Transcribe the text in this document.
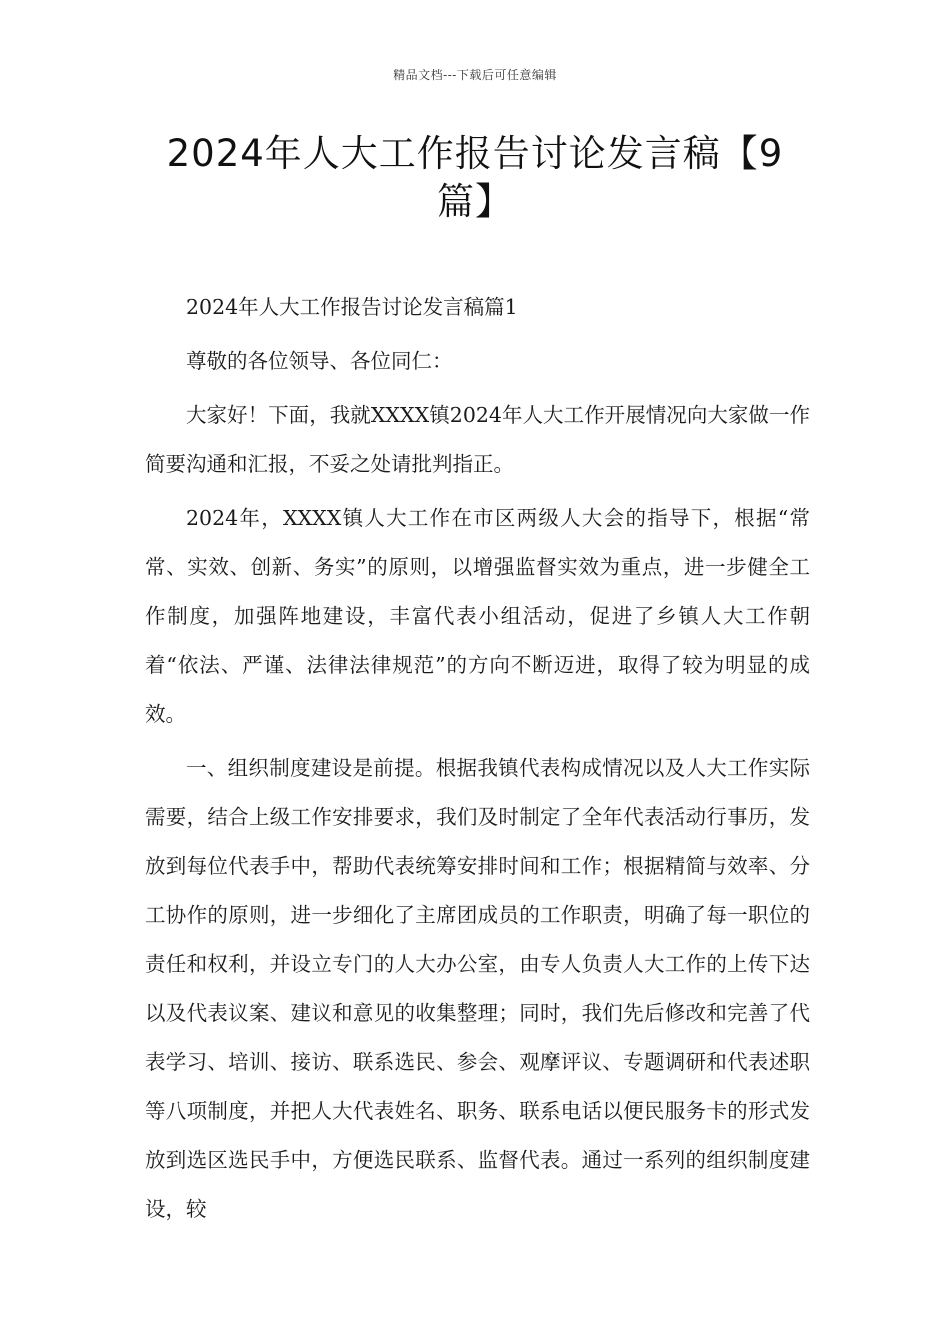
精品文档---下载后可任意编辑
2024年人大工作报告讨论发言稿【9篇】

2024年人大工作报告讨论发言稿篇1

尊敬的各位领导、各位同仁：

大家好！下面，我就XXXX镇2024年人大工作开展情况向大家做一作简要沟通和汇报，不妥之处请批判指正。

2024年，XXXX镇人大工作在市区两级人大会的指导下，根据“常常、实效、创新、务实”的原则，以增强监督实效为重点，进一步健全工作制度，加强阵地建设，丰富代表小组活动，促进了乡镇人大工作朝着“依法、严谨、法律法律规范”的方向不断迈进，取得了较为明显的成效。

一、组织制度建设是前提。根据我镇代表构成情况以及人大工作实际需要，结合上级工作安排要求，我们及时制定了全年代表活动行事历，发放到每位代表手中，帮助代表统筹安排时间和工作；根据精简与效率、分工协作的原则，进一步细化了主席团成员的工作职责，明确了每一职位的责任和权利，并设立专门的人大办公室，由专人负责人大工作的上传下达以及代表议案、建议和意见的收集整理；同时，我们先后修改和完善了代表学习、培训、接访、联系选民、参会、观摩评议、专题调研和代表述职等八项制度，并把人大代表姓名、职务、联系电话以便民服务卡的形式发放到选区选民手中，方便选民联系、监督代表。通过一系列的组织制度建设，较
